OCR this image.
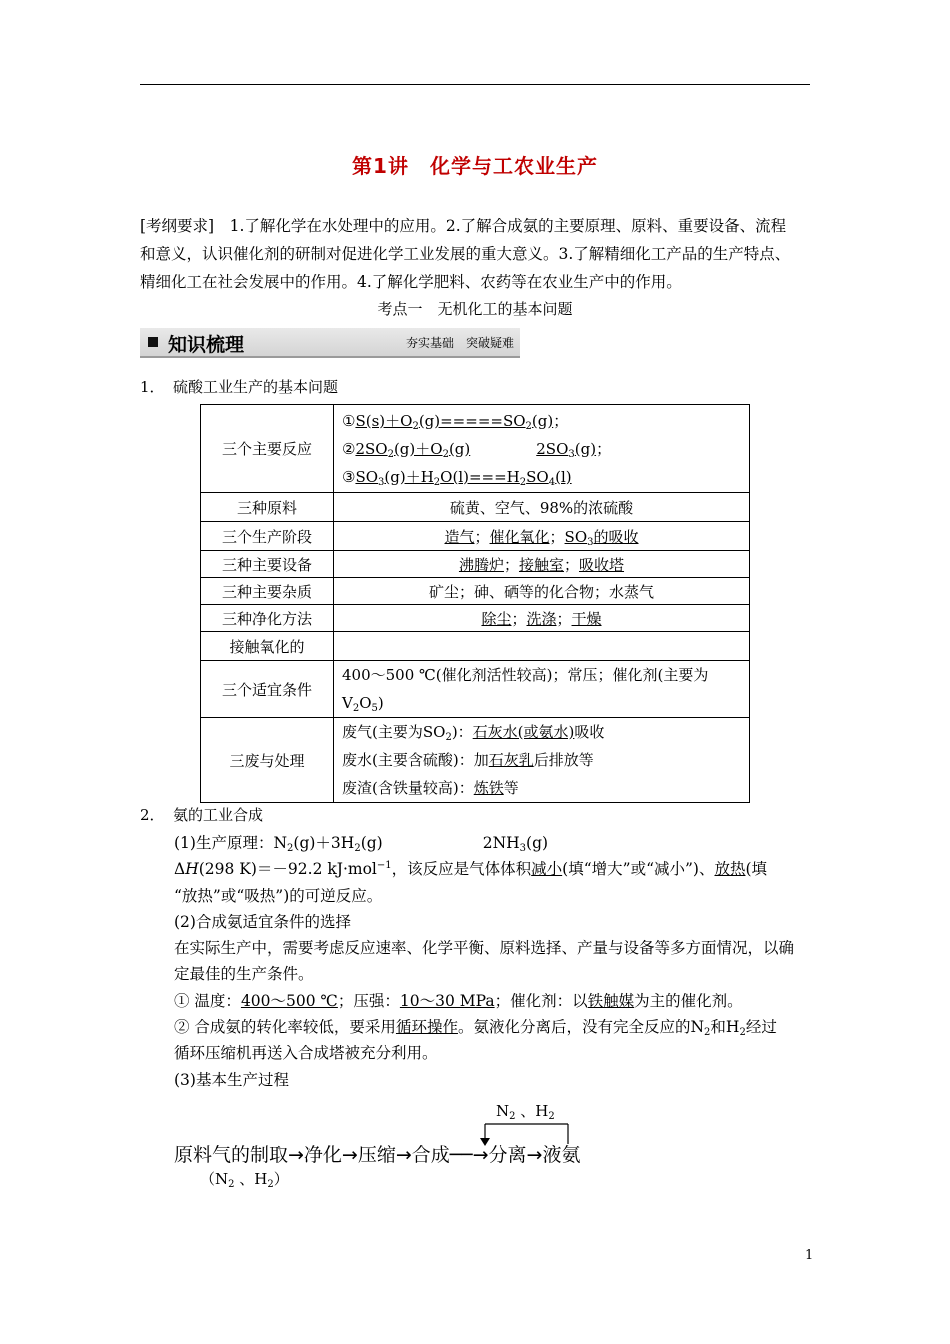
第1讲　化学与工农业生产
[考纲要求]　1.了解化学在水处理中的应用。2.了解合成氨的主要原理、原料、重要设备、流程
和意义，认识催化剂的研制对促进化学工业发展的重大意义。3.了解精细化工产品的生产特点、
精细化工在社会发展中的作用。4.了解化学肥料、农药等在农业生产中的作用。
考点一　无机化工的基本问题
知识梳理	夯实基础　突破疑难
1． 硫酸工业生产的基本问题
三个主要反应	$①S(s)+O_2(g)=====SO_2(g)$；
$②2SO_2(g)+O_2(g)$ $2SO_3(g)$；
$③SO_3(g)+H_2O(l)===H_2SO_4(l)$

三种原料	硫黄、空气、98%的浓硫酸
三个生产阶段	造气；催化氧化；$SO_3$的吸收
三种主要设备	沸腾炉；接触室；吸收塔
三种主要杂质	矿尘；砷、硒等的化合物；水蒸气
三种净化方法	除尘；洗涤；干燥
接触氧化的	
三个适宜条件	400～500 ℃(催化剂活性较高)；常压；催化剂(主要为$V_2O_5$)
三废与处理	废气(主要为$SO_2$)：石灰水(或氨水)吸收
废水(主要含硫酸)：加石灰乳后排放等
废渣(含铁量较高)：炼铁等
2． 氨的工业合成
(1)生产原理：$N_2(g)+3H_2(g)$	$2NH_3(g)$
ΔH(298 K)＝－92.2 kJ·mol$^{-1}$，该反应是气体体积减小(填“增大”或“减小”)、放热(填
“放热”或“吸热”)的可逆反应。
(2)合成氨适宜条件的选择
在实际生产中，需要考虑反应速率、化学平衡、原料选择、产量与设备等多方面情况，以确
定最佳的生产条件。
① 温度：400～500 ℃；压强：10～30 MPa；催化剂：以铁触媒为主的催化剂。
② 合成氨的转化率较低，要采用循环操作。氨液化分离后，没有完全反应的$N_2$和$H_2$经过
循环压缩机再送入合成塔被充分利用。
(3)基本生产过程
$N_2$ 、$H_2$
原料气的制取→净化→压缩→合成──→分离→液氨
（$N_2$ 、$H_2$）
1
